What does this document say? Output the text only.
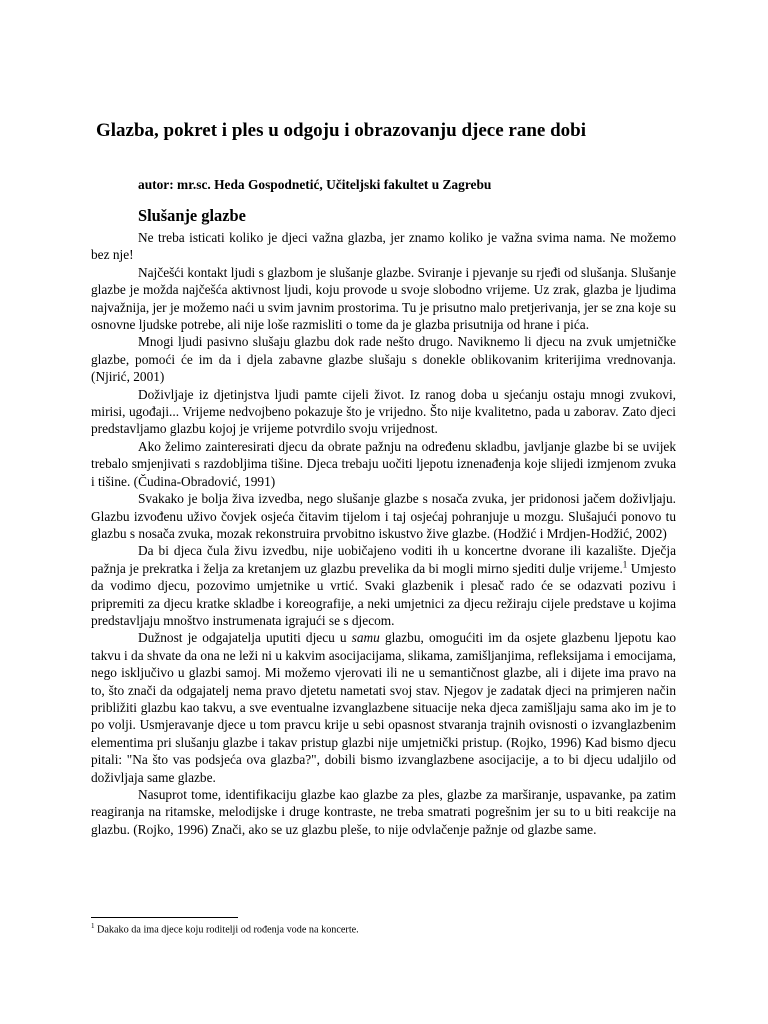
Glazba, pokret i ples u odgoju i obrazovanju djece rane dobi

autor: mr.sc. Heda Gospodnetić, Učiteljski fakultet u Zagrebu

Slušanje glazbe

Ne treba isticati koliko je djeci važna glazba, jer znamo koliko je važna svima nama. Ne možemo bez nje!

Najčešći kontakt ljudi s glazbom je slušanje glazbe. Sviranje i pjevanje su rjeđi od slušanja. Slušanje glazbe je možda najčešća aktivnost ljudi, koju provode u svoje slobodno vrijeme. Uz zrak, glazba je ljudima najvažnija, jer je možemo naći u svim javnim prostorima. Tu je prisutno malo pretjerivanja, jer se zna koje su osnovne ljudske potrebe, ali nije loše razmisliti o tome da je glazba prisutnija od hrane i pića.

Mnogi ljudi pasivno slušaju glazbu dok rade nešto drugo. Naviknemo li djecu na zvuk umjetničke glazbe, pomoći će im da i djela zabavne glazbe slušaju s donekle oblikovanim kriterijima vrednovanja. (Njirić, 2001)

Doživljaje iz djetinjstva ljudi pamte cijeli život. Iz ranog doba u sjećanju ostaju mnogi zvukovi, mirisi, ugođaji... Vrijeme nedvojbeno pokazuje što je vrijedno. Što nije kvalitetno, pada u zaborav. Zato djeci predstavljamo glazbu kojoj je vrijeme potvrdilo svoju vrijednost.

Ako želimo zainteresirati djecu da obrate pažnju na određenu skladbu, javljanje glazbe bi se uvijek trebalo smjenjivati s razdobljima tišine. Djeca trebaju uočiti ljepotu iznenađenja koje slijedi izmjenom zvuka i tišine. (Čudina-Obradović, 1991)

Svakako je bolja živa izvedba, nego slušanje glazbe s nosača zvuka, jer pridonosi jačem doživljaju. Glazbu izvođenu uživo čovjek osjeća čitavim tijelom i taj osjećaj pohranjuje u mozgu. Slušajući ponovo tu glazbu s nosača zvuka, mozak rekonstruira prvobitno iskustvo žive glazbe. (Hodžić i Mrdjen-Hodžić, 2002)

Da bi djeca čula živu izvedbu, nije uobičajeno voditi ih u koncertne dvorane ili kazalište. Dječja pažnja je prekratka i želja za kretanjem uz glazbu prevelika da bi mogli mirno sjediti dulje vrijeme.$^1$ Umjesto da vodimo djecu, pozovimo umjetnike u vrtić. Svaki glazbenik i plesač rado će se odazvati pozivu i pripremiti za djecu kratke skladbe i koreografije, a neki umjetnici za djecu režiraju cijele predstave u kojima predstavljaju mnoštvo instrumenata igrajući se s djecom.

Dužnost je odgajatelja uputiti djecu u samu glazbu, omogućiti im da osjete glazbenu ljepotu kao takvu i da shvate da ona ne leži ni u kakvim asocijacijama, slikama, zamišljanjima, refleksijama i emocijama, nego isključivo u glazbi samoj. Mi možemo vjerovati ili ne u semantičnost glazbe, ali i dijete ima pravo na to, što znači da odgajatelj nema pravo djetetu nametati svoj stav. Njegov je zadatak djeci na primjeren način približiti glazbu kao takvu, a sve eventualne izvanglazbene situacije neka djeca zamišljaju sama ako im je to po volji. Usmjeravanje djece u tom pravcu krije u sebi opasnost stvaranja trajnih ovisnosti o izvanglazbenim elementima pri slušanju glazbe i takav pristup glazbi nije umjetnički pristup. (Rojko, 1996) Kad bismo djecu pitali: "Na što vas podsjeća ova glazba?", dobili bismo izvanglazbene asocijacije, a to bi djecu udaljilo od doživljaja same glazbe.

Nasuprot tome, identifikaciju glazbe kao glazbe za ples, glazbe za marširanje, uspavanke, pa zatim reagiranja na ritamske, melodijske i druge kontraste, ne treba smatrati pogrešnim jer su to u biti reakcije na glazbu. (Rojko, 1996) Znači, ako se uz glazbu pleše, to nije odvlačenje pažnje od glazbe same.

$^1$ Dakako da ima djece koju roditelji od rođenja vode na koncerte.
